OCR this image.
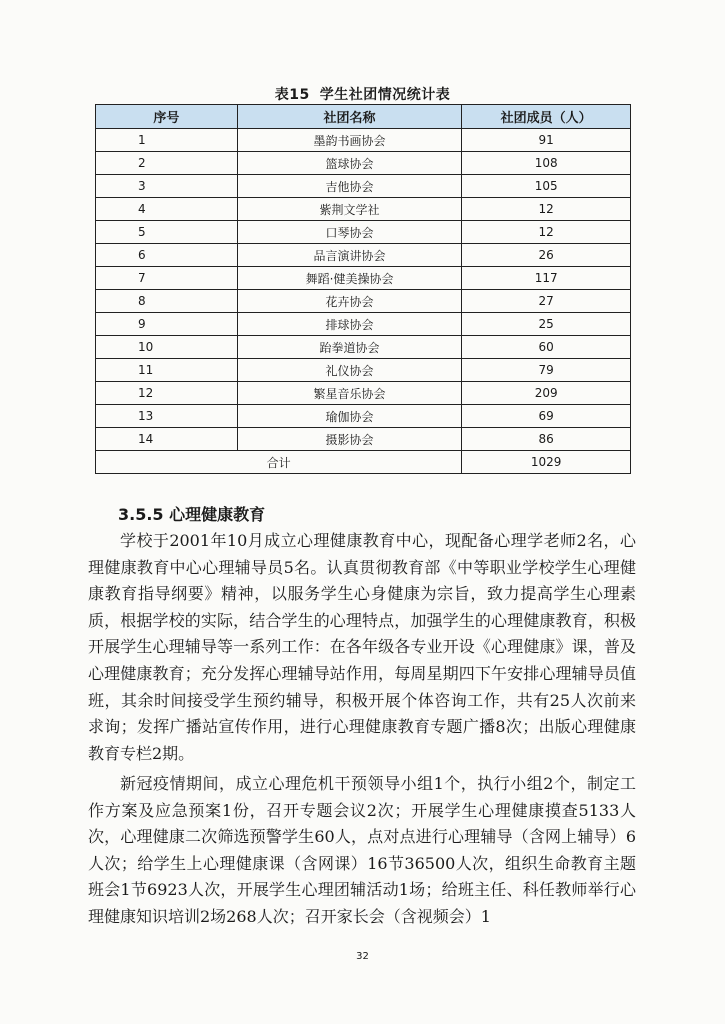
表15 学生社团情况统计表
序号	社团名称	社团成员（人）
1	墨韵书画协会	91
2	篮球协会	108
3	吉他协会	105
4	紫荆文学社	12
5	口琴协会	12
6	品言演讲协会	26
7	舞蹈·健美操协会	117
8	花卉协会	27
9	排球协会	25
10	跆拳道协会	60
11	礼仪协会	79
12	繁星音乐协会	209
13	瑜伽协会	69
14	摄影协会	86
合计		1029
3.5.5 心理健康教育

学校于2001年10月成立心理健康教育中心，现配备心理学老师2名，心理健康教育中心心理辅导员5名。认真贯彻教育部《中等职业学校学生心理健康教育指导纲要》精神，以服务学生心身健康为宗旨，致力提高学生心理素质，根据学校的实际，结合学生的心理特点，加强学生的心理健康教育，积极开展学生心理辅导等一系列工作：在各年级各专业开设《心理健康》课，普及心理健康教育；充分发挥心理辅导站作用，每周星期四下午安排心理辅导员值班，其余时间接受学生预约辅导，积极开展个体咨询工作，共有25人次前来求询；发挥广播站宣传作用，进行心理健康教育专题广播8次；出版心理健康教育专栏2期。

新冠疫情期间，成立心理危机干预领导小组1个，执行小组2个，制定工作方案及应急预案1份，召开专题会议2次；开展学生心理健康摸查5133人次，心理健康二次筛选预警学生60人，点对点进行心理辅导（含网上辅导）6人次；给学生上心理健康课（含网课）16节36500人次，组织生命教育主题班会1节6923人次，开展学生心理团辅活动1场；给班主任、科任教师举行心理健康知识培训2场268人次；召开家长会（含视频会）1

32
